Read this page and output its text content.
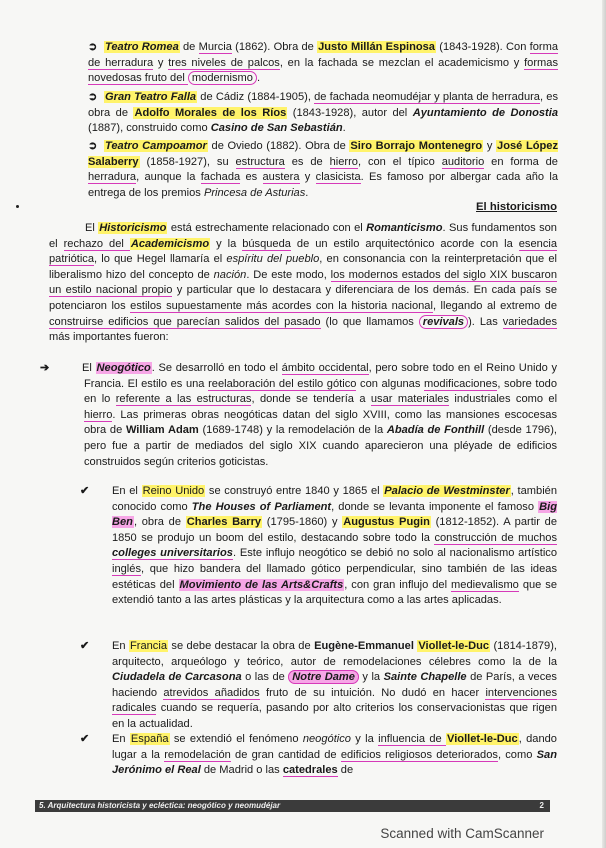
➲ Teatro Romea de Murcia (1862). Obra de Justo Millán Espinosa (1843-1928). Con forma de herradura y tres niveles de palcos, en la fachada se mezclan el academicismo y formas novedosas fruto del modernismo .

➲ Gran Teatro Falla de Cádiz (1884-1905), de fachada neomudéjar y planta de herradura, es obra de Adolfo Morales de los Ríos (1843-1928), autor del Ayuntamiento de Donostia (1887), construido como Casino de San Sebastián.

➲ Teatro Campoamor de Oviedo (1882). Obra de Siro Borrajo Montenegro y José López Salaberry (1858-1927), su estructura es de hierro, con el típico auditorio en forma de herradura, aunque la fachada es austera y clasicista. Es famoso por albergar cada año la entrega de los premios Princesa de Asturias.

El historicismo

El Historicismo está estrechamente relacionado con el Romanticismo. Sus fundamentos son el rechazo del Academicismo y la búsqueda de un estilo arquitectónico acorde con la esencia patriótica, lo que Hegel llamaría el espíritu del pueblo, en consonancia con la reinterpretación que el liberalismo hizo del concepto de nación. De este modo, los modernos estados del siglo XIX buscaron un estilo nacional propio y particular que lo destacara y diferenciara de los demás. En cada país se potenciaron los estilos supuestamente más acordes con la historia nacional, llegando al extremo de construirse edificios que parecían salidos del pasado (lo que llamamos revivals ). Las variedades más importantes fueron:

➔	El Neogótico. Se desarrolló en todo el ámbito occidental, pero sobre todo en el Reino Unido y Francia. El estilo es una reelaboración del estilo gótico con algunas modificaciones, sobre todo en lo referente a las estructuras, donde se tendería a usar materiales industriales como el hierro. Las primeras obras neogóticas datan del siglo XVIII, como las mansiones escocesas obra de William Adam (1689-1748) y la remodelación de la Abadía de Fonthill (desde 1796), pero fue a partir de mediados del siglo XIX cuando aparecieron una pléyade de edificios construidos según criterios goticistas.

✔ En el Reino Unido se construyó entre 1840 y 1865 el Palacio de Westminster, también conocido como The Houses of Parliament, donde se levanta imponente el famoso Big Ben, obra de Charles Barry (1795-1860) y Augustus Pugin (1812-1852). A partir de 1850 se produjo un boom del estilo, destacando sobre todo la construcción de muchos colleges universitarios. Este influjo neogótico se debió no solo al nacionalismo artístico inglés, que hizo bandera del llamado gótico perpendicular, sino también de las ideas estéticas del Movimiento de las Arts&Crafts, con gran influjo del medievalismo que se extendió tanto a las artes plásticas y la arquitectura como a las artes aplicadas.

✔ En Francia se debe destacar la obra de Eugène-Emmanuel Viollet-le-Duc (1814-1879), arquitecto, arqueólogo y teórico, autor de remodelaciones célebres como la de la Ciudadela de Carcasona o las de Notre Dame y la Sainte Chapelle de París, a veces haciendo atrevidos añadidos fruto de su intuición. No dudó en hacer intervenciones radicales cuando se requería, pasando por alto criterios los conservacionistas que rigen en la actualidad.

✔ En España se extendió el fenómeno neogótico y la influencia de Viollet-le-Duc, dando lugar a la remodelación de gran cantidad de edificios religiosos deteriorados, como San Jerónimo el Real de Madrid o las catedrales de

5. Arquitectura historicista y ecléctica: neogótico y neomudéjar	2
Scanned with CamScanner
